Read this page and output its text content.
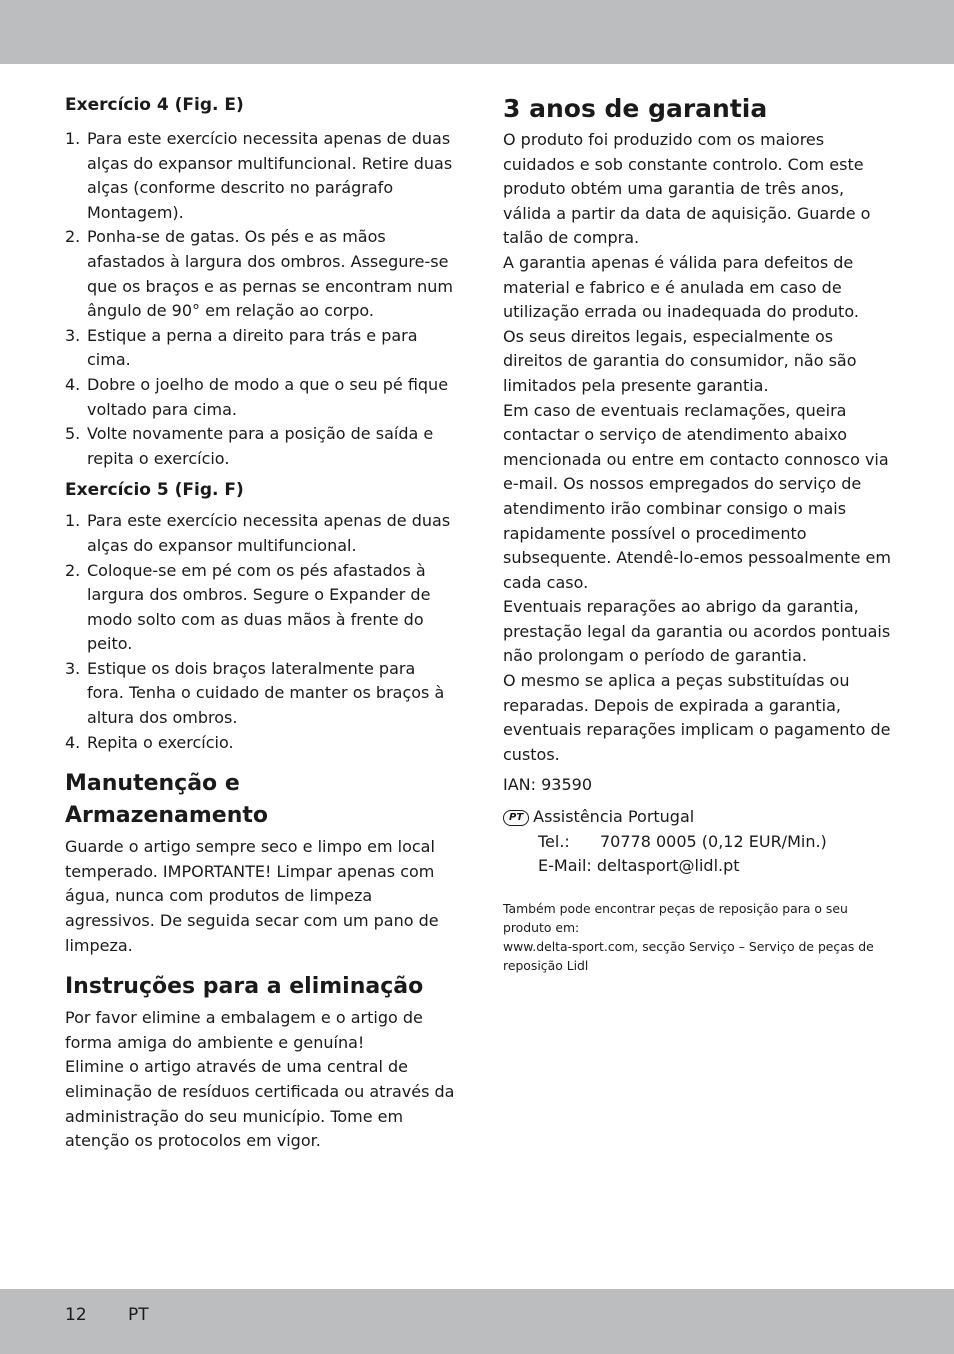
Exercício 4 (Fig. E)
1. Para este exercício necessita apenas de duas alças do expansor multifuncional. Retire duas alças (conforme descrito no parágrafo Montagem).
2. Ponha-se de gatas. Os pés e as mãos afastados à largura dos ombros. Assegure-se que os braços e as pernas se encontram num ângulo de 90° em relação ao corpo.
3. Estique a perna a direito para trás e para cima.
4. Dobre o joelho de modo a que o seu pé fique voltado para cima.
5. Volte novamente para a posição de saída e repita o exercício.
Exercício 5 (Fig. F)
1. Para este exercício necessita apenas de duas alças do expansor multifuncional.
2. Coloque-se em pé com os pés afastados à largura dos ombros. Segure o Expander de modo solto com as duas mãos à frente do peito.
3. Estique os dois braços lateralmente para fora. Tenha o cuidado de manter os braços à altura dos ombros.
4. Repita o exercício.
Manutenção e Armazenamento

Guarde o artigo sempre seco e limpo em local temperado. IMPORTANTE! Limpar apenas com água, nunca com produtos de limpeza agressivos. De seguida secar com um pano de limpeza.

Instruções para a eliminação

Por favor elimine a embalagem e o artigo de forma amiga do ambiente e genuína!

Elimine o artigo através de uma central de eliminação de resíduos certificada ou através da administração do seu município. Tome em atenção os protocolos em vigor.

3 anos de garantia

O produto foi produzido com os maiores cuidados e sob constante controlo. Com este produto obtém uma garantia de três anos, válida a partir da data de aquisição. Guarde o talão de compra.

A garantia apenas é válida para defeitos de material e fabrico e é anulada em caso de utilização errada ou inadequada do produto.

Os seus direitos legais, especialmente os direitos de garantia do consumidor, não são limitados pela presente garantia.

Em caso de eventuais reclamações, queira contactar o serviço de atendimento abaixo mencionada ou entre em contacto connosco via e-mail. Os nossos empregados do serviço de atendimento irão combinar consigo o mais rapidamente possível o procedimento subsequente. Atendê-lo-emos pessoalmente em cada caso.

Eventuais reparações ao abrigo da garantia, prestação legal da garantia ou acordos pontuais não prolongam o período de garantia.

O mesmo se aplica a peças substituídas ou reparadas. Depois de expirada a garantia, eventuais reparações implicam o pagamento de custos.

IAN: 93590

PT Assistência Portugal
Tel.: 70778 0005 (0,12 EUR/Min.)
E-Mail: deltasport@lidl.pt

Também pode encontrar peças de reposição para o seu produto em:

www.delta-sport.com, secção Serviço – Serviço de peças de reposição Lidl

12 PT
